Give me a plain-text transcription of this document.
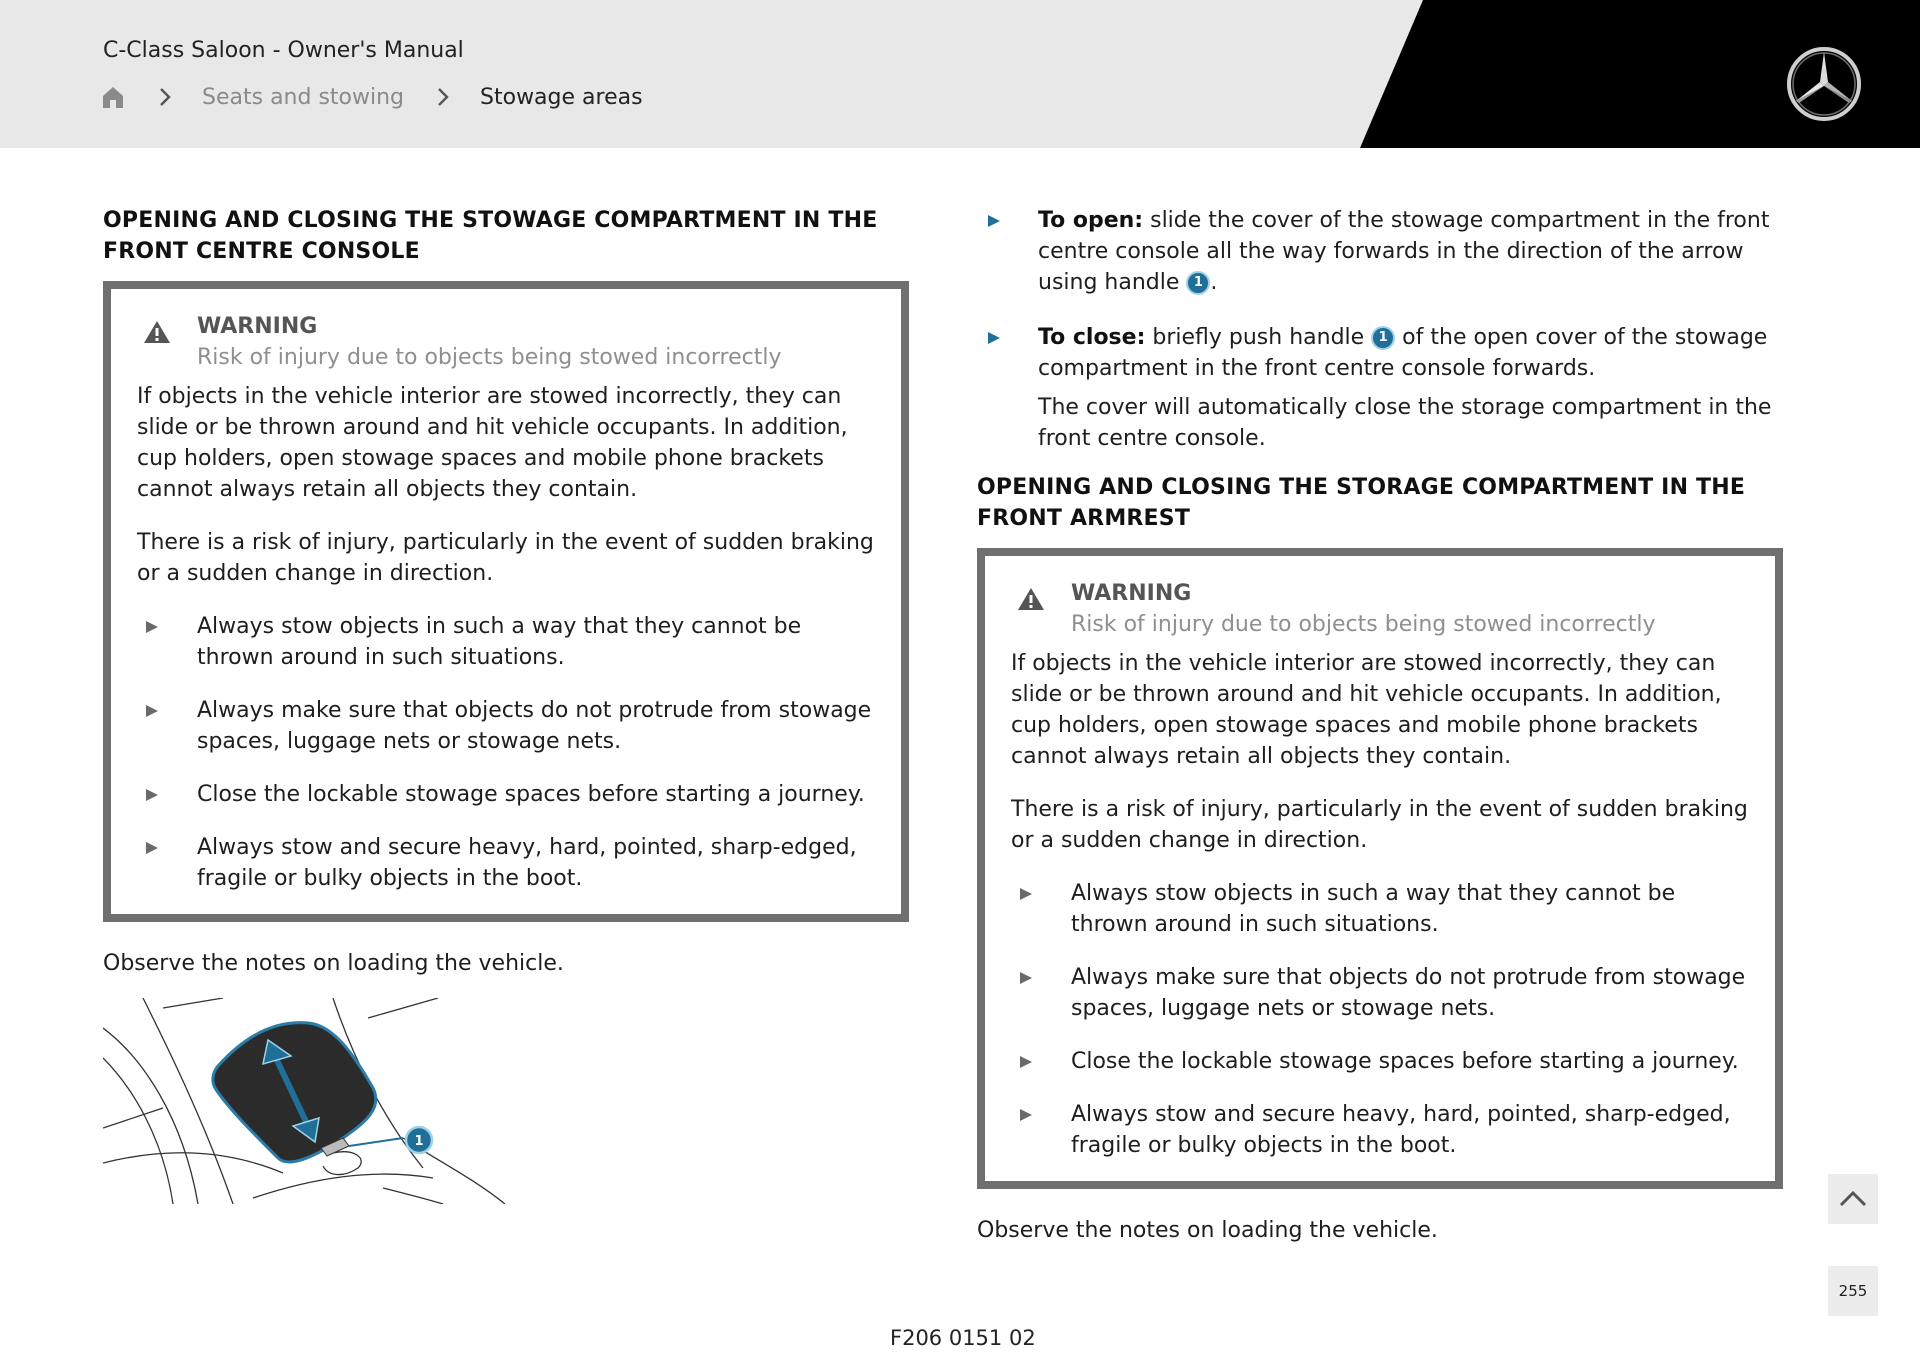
C-Class Saloon - Owner's Manual
Seats and stowing	Stowage areas
OPENING AND CLOSING THE STOWAGE COMPARTMENT IN THE FRONT CENTRE CONSOLE
WARNING
Risk of injury due to objects being stowed incorrectly

If objects in the vehicle interior are stowed incorrectly, they can slide or be thrown around and hit vehicle occupants. In addition, cup holders, open stowage spaces and mobile phone brackets cannot always retain all objects they contain.

There is a risk of injury, particularly in the event of sudden braking or a sudden change in direction.

Always stow objects in such a way that they cannot be thrown around in such situations.
Always make sure that objects do not protrude from stowage spaces, luggage nets or stowage nets.
Close the lockable stowage spaces before starting a journey.
Always stow and secure heavy, hard, pointed, sharp-edged, fragile or bulky objects in the boot.

Observe the notes on loading the vehicle.

1
F206 0151 02
To open: slide the cover of the stowage compartment in the front centre console all the way forwards in the direction of the arrow using handle 1 .
To close: briefly push handle 1 of the open cover of the stowage compartment in the front centre console forwards.
The cover will automatically close the storage compartment in the front centre console.
OPENING AND CLOSING THE STORAGE COMPARTMENT IN THE FRONT ARMREST
WARNING
Risk of injury due to objects being stowed incorrectly

If objects in the vehicle interior are stowed incorrectly, they can slide or be thrown around and hit vehicle occupants. In addition, cup holders, open stowage spaces and mobile phone brackets cannot always retain all objects they contain.

There is a risk of injury, particularly in the event of sudden braking or a sudden change in direction.

Always stow objects in such a way that they cannot be thrown around in such situations.
Always make sure that objects do not protrude from stowage spaces, luggage nets or stowage nets.
Close the lockable stowage spaces before starting a journey.
Always stow and secure heavy, hard, pointed, sharp-edged, fragile or bulky objects in the boot.

Observe the notes on loading the vehicle.

255
